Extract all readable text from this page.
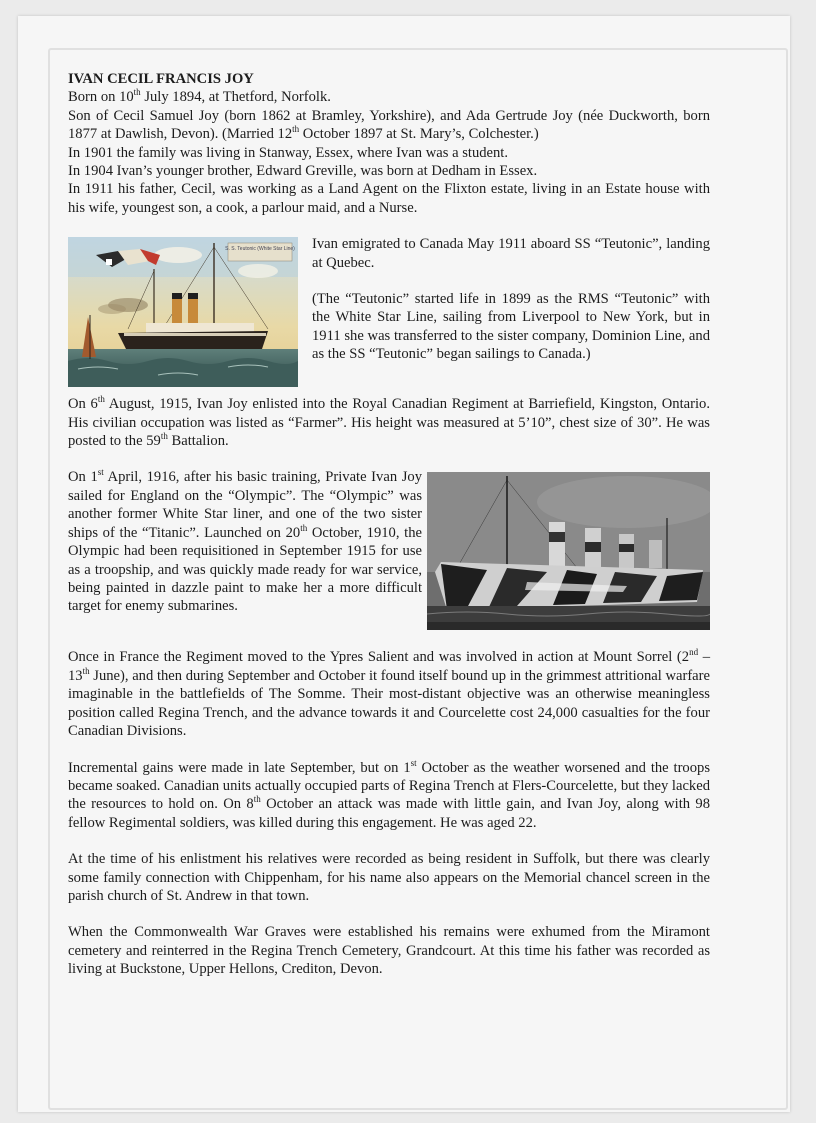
IVAN CECIL FRANCIS JOY

Born on 10th July 1894, at Thetford, Norfolk.

Son of Cecil Samuel Joy (born 1862 at Bramley, Yorkshire), and Ada Gertrude Joy (née Duckworth, born 1877 at Dawlish, Devon). (Married 12th October 1897 at St. Mary’s, Colchester.)

In 1901 the family was living in Stanway, Essex, where Ivan was a student.

In 1904 Ivan’s younger brother, Edward Greville, was born at Dedham in Essex.

In 1911 his father, Cecil, was working as a Land Agent on the Flixton estate, living in an Estate house with his wife, youngest son, a cook, a parlour maid, and a Nurse.

S. S. Teutonic (White Star Line) Ivan emigrated to Canada May 1911 aboard SS “Teutonic”, landing at Quebec.

(The “Teutonic” started life in 1899 as the RMS “Teutonic” with the White Star Line, sailing from Liverpool to New York, but in 1911 she was transferred to the sister company, Dominion Line, and as the SS “Teutonic” began sailings to Canada.)

On 6th August, 1915, Ivan Joy enlisted into the Royal Canadian Regiment at Barriefield, Kingston, Ontario. His civilian occupation was listed as “Farmer”. His height was measured at 5’10”, chest size of 30”. He was posted to the 59th Battalion.

On 1st April, 1916, after his basic training, Private Ivan Joy sailed for England on the “Olympic”. The “Olympic” was another former White Star liner, and one of the two sister ships of the “Titanic”. Launched on 20th October, 1910, the Olympic had been requisitioned in September 1915 for use as a troopship, and was quickly made ready for war service, being painted in dazzle paint to make her a more difficult target for enemy submarines.

Once in France the Regiment moved to the Ypres Salient and was involved in action at Mount Sorrel (2nd – 13th June), and then during September and October it found itself bound up in the grimmest attritional warfare imaginable in the battlefields of The Somme. Their most-distant objective was an otherwise meaningless position called Regina Trench, and the advance towards it and Courcelette cost 24,000 casualties for the four Canadian Divisions.

Incremental gains were made in late September, but on 1st October as the weather worsened and the troops became soaked. Canadian units actually occupied parts of Regina Trench at Flers-Courcelette, but they lacked the resources to hold on. On 8th October an attack was made with little gain, and Ivan Joy, along with 98 fellow Regimental soldiers, was killed during this engagement. He was aged 22.

At the time of his enlistment his relatives were recorded as being resident in Suffolk, but there was clearly some family connection with Chippenham, for his name also appears on the Memorial chancel screen in the parish church of St. Andrew in that town.

When the Commonwealth War Graves were established his remains were exhumed from the Miramont cemetery and reinterred in the Regina Trench Cemetery, Grandcourt. At this time his father was recorded as living at Buckstone, Upper Hellons, Crediton, Devon.
